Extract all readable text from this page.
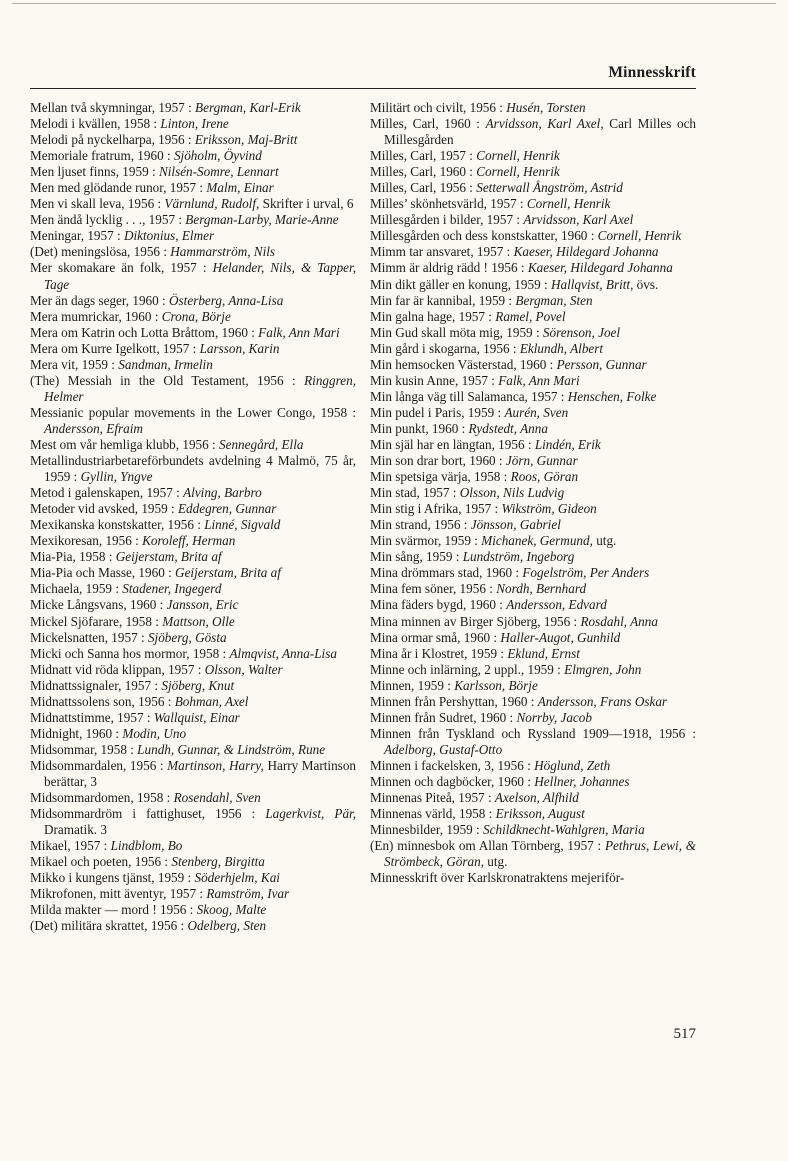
Minnesskrift
Mellan två skymningar, 1957 : Bergman, Karl-Erik
Melodi i kvällen, 1958 : Linton, Irene
Melodi på nyckelharpa, 1956 : Eriksson, Maj-Britt
Memoriale fratrum, 1960 : Sjöholm, Öyvind
Men ljuset finns, 1959 : Nilsén-Somre, Lennart
Men med glödande runor, 1957 : Malm, Einar
Men vi skall leva, 1956 : Värnlund, Rudolf, Skrifter i urval, 6
Men ändå lycklig . . ., 1957 : Bergman-Larby, Marie-Anne
Meningar, 1957 : Diktonius, Elmer
(Det) meningslösa, 1956 : Hammarström, Nils
Mer skomakare än folk, 1957 : Helander, Nils, & Tapper, Tage
Mer än dags seger, 1960 : Österberg, Anna-Lisa
Mera mumrickar, 1960 : Crona, Börje
Mera om Katrin och Lotta Bråttom, 1960 : Falk, Ann Mari
Mera om Kurre Igelkott, 1957 : Larsson, Karin
Mera vit, 1959 : Sandman, Irmelin
(The) Messiah in the Old Testament, 1956 : Ringgren, Helmer
Messianic popular movements in the Lower Congo, 1958 : Andersson, Efraim
Mest om vår hemliga klubb, 1956 : Sennegård, Ella
Metallindustriarbetareförbundets avdelning 4 Malmö, 75 år, 1959 : Gyllin, Yngve
Metod i galenskapen, 1957 : Alving, Barbro
Metoder vid avsked, 1959 : Eddegren, Gunnar
Mexikanska konstskatter, 1956 : Linné, Sigvald
Mexikoresan, 1956 : Koroleff, Herman
Mia-Pia, 1958 : Geijerstam, Brita af
Mia-Pia och Masse, 1960 : Geijerstam, Brita af
Michaela, 1959 : Stadener, Ingegerd
Micke Långsvans, 1960 : Jansson, Eric
Mickel Sjöfarare, 1958 : Mattson, Olle
Mickelsnatten, 1957 : Sjöberg, Gösta
Micki och Sanna hos mormor, 1958 : Almqvist, Anna-Lisa
Midnatt vid röda klippan, 1957 : Olsson, Walter
Midnattssignaler, 1957 : Sjöberg, Knut
Midnattssolens son, 1956 : Bohman, Axel
Midnattstimme, 1957 : Wallquist, Einar
Midnight, 1960 : Modin, Uno
Midsommar, 1958 : Lundh, Gunnar, & Lindström, Rune
Midsommardalen, 1956 : Martinson, Harry, Harry Martinson berättar, 3
Midsommardomen, 1958 : Rosendahl, Sven
Midsommardröm i fattighuset, 1956 : Lagerkvist, Pär, Dramatik. 3
Mikael, 1957 : Lindblom, Bo
Mikael och poeten, 1956 : Stenberg, Birgitta
Mikko i kungens tjänst, 1959 : Söderhjelm, Kai
Mikrofonen, mitt äventyr, 1957 : Ramström, Ivar
Milda makter — mord ! 1956 : Skoog, Malte
(Det) militära skrattet, 1956 : Odelberg, Sten
Militärt och civilt, 1956 : Husén, Torsten
Milles, Carl, 1960 : Arvidsson, Karl Axel, Carl Milles och Millesgården
Milles, Carl, 1957 : Cornell, Henrik
Milles, Carl, 1960 : Cornell, Henrik
Milles, Carl, 1956 : Setterwall Ångström, Astrid
Milles’ skönhetsvärld, 1957 : Cornell, Henrik
Millesgården i bilder, 1957 : Arvidsson, Karl Axel
Millesgården och dess konstskatter, 1960 : Cornell, Henrik
Mimm tar ansvaret, 1957 : Kaeser, Hildegard Johanna
Mimm är aldrig rädd ! 1956 : Kaeser, Hildegard Johanna
Min dikt gäller en konung, 1959 : Hallqvist, Britt, övs.
Min far är kannibal, 1959 : Bergman, Sten
Min galna hage, 1957 : Ramel, Povel
Min Gud skall möta mig, 1959 : Sörenson, Joel
Min gård i skogarna, 1956 : Eklundh, Albert
Min hemsocken Västerstad, 1960 : Persson, Gunnar
Min kusin Anne, 1957 : Falk, Ann Mari
Min långa väg till Salamanca, 1957 : Henschen, Folke
Min pudel i Paris, 1959 : Aurén, Sven
Min punkt, 1960 : Rydstedt, Anna
Min själ har en längtan, 1956 : Lindén, Erik
Min son drar bort, 1960 : Jörn, Gunnar
Min spetsiga värja, 1958 : Roos, Göran
Min stad, 1957 : Olsson, Nils Ludvig
Min stig i Afrika, 1957 : Wikström, Gideon
Min strand, 1956 : Jönsson, Gabriel
Min svärmor, 1959 : Michanek, Germund, utg.
Min sång, 1959 : Lundström, Ingeborg
Mina drömmars stad, 1960 : Fogelström, Per Anders
Mina fem söner, 1956 : Nordh, Bernhard
Mina fäders bygd, 1960 : Andersson, Edvard
Mina minnen av Birger Sjöberg, 1956 : Rosdahl, Anna
Mina ormar små, 1960 : Haller-Augot, Gunhild
Mina år i Klostret, 1959 : Eklund, Ernst
Minne och inlärning, 2 uppl., 1959 : Elmgren, John
Minnen, 1959 : Karlsson, Börje
Minnen från Pershyttan, 1960 : Andersson, Frans Oskar
Minnen från Sudret, 1960 : Norrby, Jacob
Minnen från Tyskland och Ryssland 1909—1918, 1956 : Adelborg, Gustaf-Otto
Minnen i fackelsken, 3, 1956 : Höglund, Zeth
Minnen och dagböcker, 1960 : Hellner, Johannes
Minnenas Piteå, 1957 : Axelson, Alfhild
Minnenas värld, 1958 : Eriksson, August
Minnesbilder, 1959 : Schildknecht-Wahlgren, Maria
(En) minnesbok om Allan Törnberg, 1957 : Pethrus, Lewi, & Strömbeck, Göran, utg.
Minnesskrift över Karlskronatraktens mejeriför-
517
